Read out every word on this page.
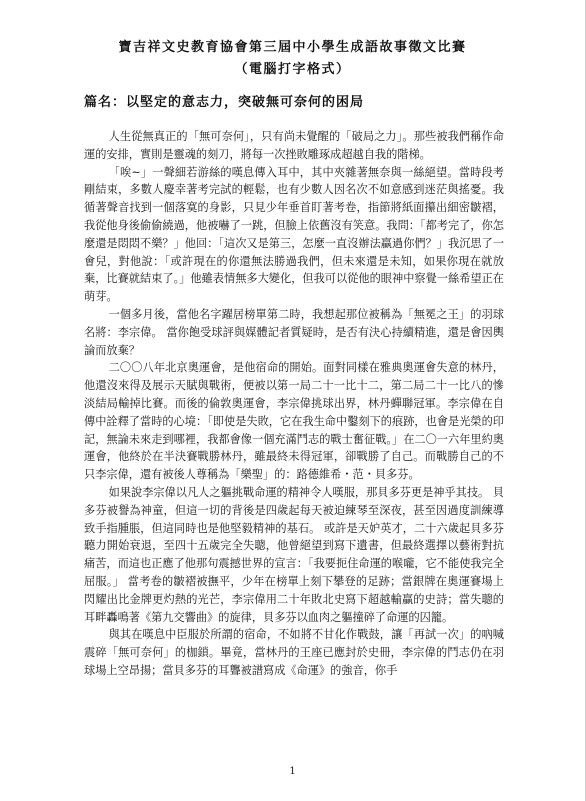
寶吉祥文史教育協會第三屆中小學生成語故事徵文比賽
（電腦打字格式）
篇名：以堅定的意志力，突破無可奈何的困局

人生從無真正的「無可奈何」，只有尚未覺醒的「破局之力」。那些被我們稱作命運的安排，實則是靈魂的刻刀，將每一次挫敗雕琢成超越自我的階梯。

「唉~」一聲細若游絲的嘆息傳入耳中，其中夾雜著無奈與一絲絕望。當時段考剛結束，多數人慶幸著考完試的輕鬆，也有少數人因名次不如意感到迷茫與搖憂。我循著聲音找到一個落寞的身影，只見少年垂首盯著考卷，指節將紙面攥出細密皺褶，我從他身後偷偷繞過，他被嚇了一跳，但臉上依舊沒有笑意。我問：「都考完了，你怎麼還是悶悶不樂？」他回：「這次又是第三，怎麼一直沒辦法贏過你們？」我沉思了一會兒，對他說：「或許現在的你還無法勝過我們，但未來還是未知，如果你現在就放棄，比賽就結束了。」他雖表情無多大變化，但我可以從他的眼神中察覺一絲希望正在萌芽。

一個多月後，當他名字躍居榜單第二時，我想起那位被稱為「無冕之王」的羽球名將：李宗偉。 當你飽受球評與媒體記者質疑時，是否有決心持續精進，還是會因輿論而放棄？

二〇〇八年北京奧運會，是他宿命的開始。面對同樣在雅典奧運會失意的林丹，他還沒來得及展示天賦與戰術，便被以第一局二十一比十二，第二局二十一比八的慘淡結局輸掉比賽。而後的倫敦奧運會，李宗偉挑球出界，林丹蟬聯冠軍。李宗偉在自傳中詮釋了當時的心境：「即使是失敗，它在我生命中鑿刻下的痕跡，也會是光榮的印記，無論未來走到哪裡，我都會像一個充滿鬥志的戰士奮征戰。」在二〇一六年里約奧運會，他終於在半決賽戰勝林丹，雖最終未得冠軍，卻戰勝了自己。而戰勝自己的不只李宗偉，還有被後人尊稱為「樂聖」的：路德維希・范・貝多芬。

如果說李宗偉以凡人之軀挑戰命運的精神令人嘆服，那貝多芬更是神乎其技。 貝多芬被譽為神童，但這一切的背後是四歲起每天被迫練琴至深夜，甚至因過度訓練導致手指腫脹，但這同時也是他堅毅精神的基石。 或許是天妒英才，二十六歲起貝多芬聽力開始衰退，至四十五歲完全失聰，他曾絕望到寫下遺書，但最終選擇以藝術對抗痛苦，而這也正應了他那句震撼世界的宣言：「我要扼住命運的喉嚨，它不能使我完全屈服。」 當考卷的皺褶被撫平，少年在榜單上刻下攀登的足跡；當銀牌在奧運賽場上閃耀出比金牌更灼熱的光芒，李宗偉用二十年敗北史寫下超越輸贏的史詩；當失聰的耳畔轟鳴著《第九交響曲》的旋律，貝多芬以血肉之軀撞碎了命運的囚籠。

與其在嘆息中臣服於所謂的宿命，不如將不甘化作戰鼓，讓「再試一次」的吶喊震碎「無可奈何」的枷鎖。畢竟，當林丹的王座已應封於史冊，李宗偉的鬥志仍在羽球場上空昂揚；當貝多芬的耳聾被譜寫成《命運》的強音，你手

1
